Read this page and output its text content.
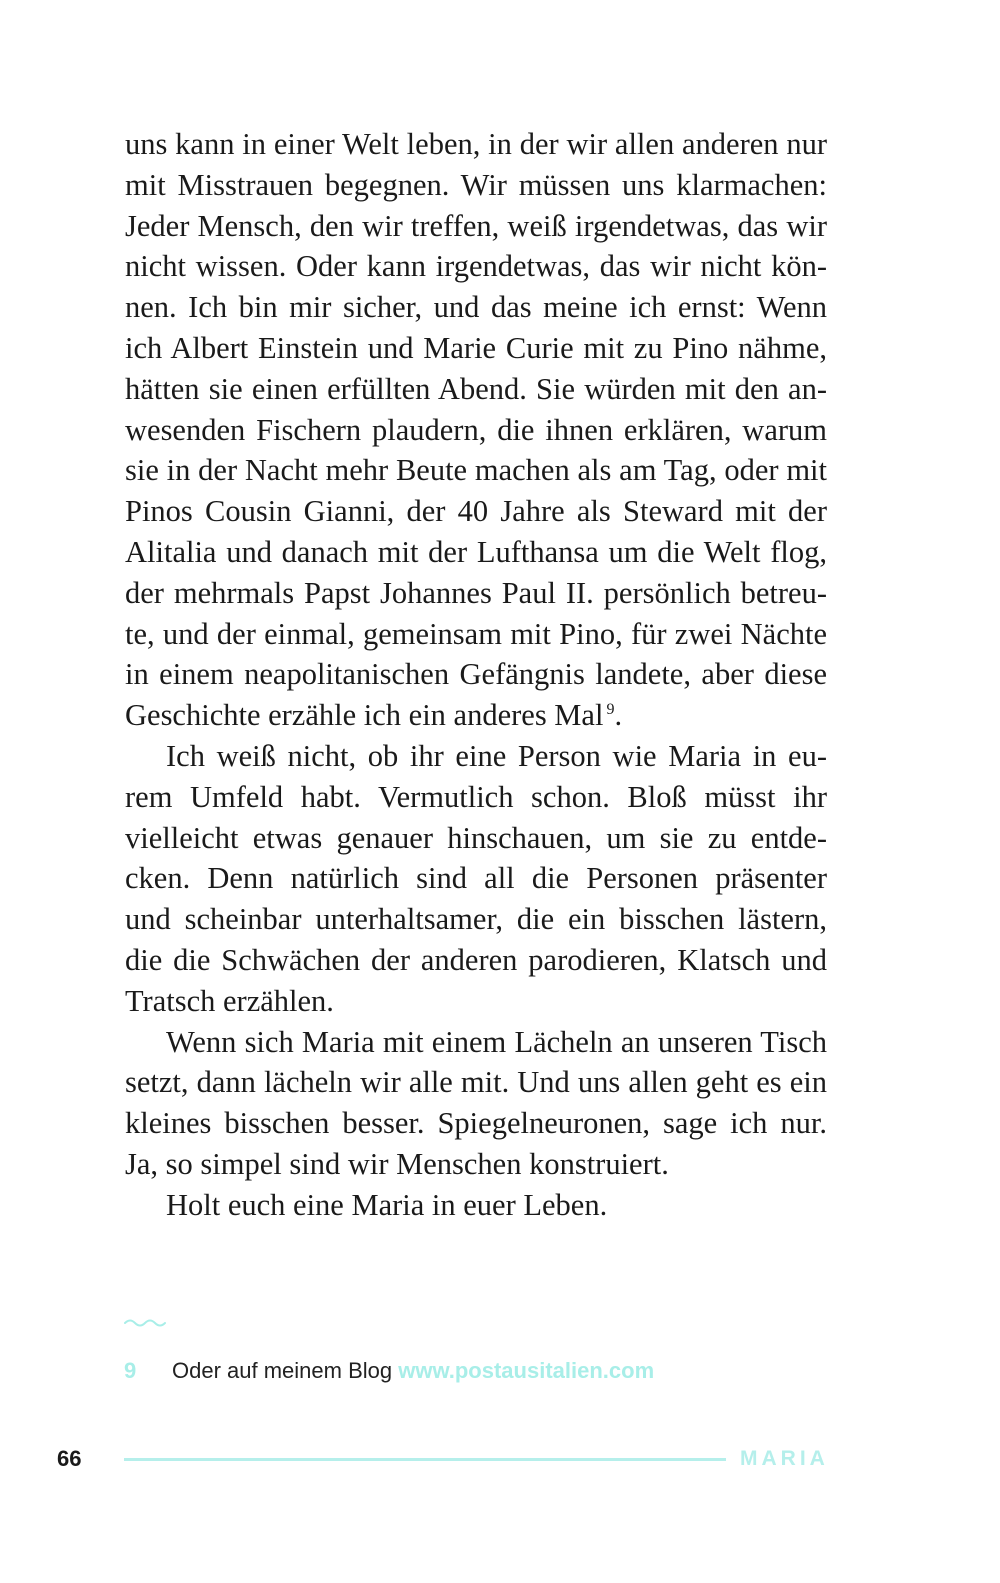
uns kann in einer Welt leben, in der wir allen anderen nur
mit Misstrauen begegnen. Wir müssen uns klarmachen:
Jeder Mensch, den wir treffen, weiß irgendetwas, das wir
nicht wissen. Oder kann irgendetwas, das wir nicht kön-
nen. Ich bin mir sicher, und das meine ich ernst: Wenn
ich Albert Einstein und Marie Curie mit zu Pino nähme,
hätten sie einen erfüllten Abend. Sie würden mit den an-
wesenden Fischern plaudern, die ihnen erklären, warum
sie in der Nacht mehr Beute machen als am Tag, oder mit
Pinos Cousin Gianni, der 40 Jahre als Steward mit der
Alitalia und danach mit der Lufthansa um die Welt flog,
der mehrmals Papst Johannes Paul II. persönlich betreu-
te, und der einmal, gemeinsam mit Pino, für zwei Nächte
in einem neapolitanischen Gefängnis landete, aber diese
Geschichte erzähle ich ein anderes Mal $^9$.
Ich weiß nicht, ob ihr eine Person wie Maria in eu-
rem Umfeld habt. Vermutlich schon. Bloß müsst ihr
vielleicht etwas genauer hinschauen, um sie zu entde-
cken. Denn natürlich sind all die Personen präsenter
und scheinbar unterhaltsamer, die ein bisschen lästern,
die die Schwächen der anderen parodieren, Klatsch und
Tratsch erzählen.
Wenn sich Maria mit einem Lächeln an unseren Tisch
setzt, dann lächeln wir alle mit. Und uns allen geht es ein
kleines bisschen besser. Spiegelneuronen, sage ich nur.
Ja, so simpel sind wir Menschen konstruiert.
Holt euch eine Maria in euer Leben.
9 Oder auf meinem Blog www.postausitalien.com
66	MARIA
